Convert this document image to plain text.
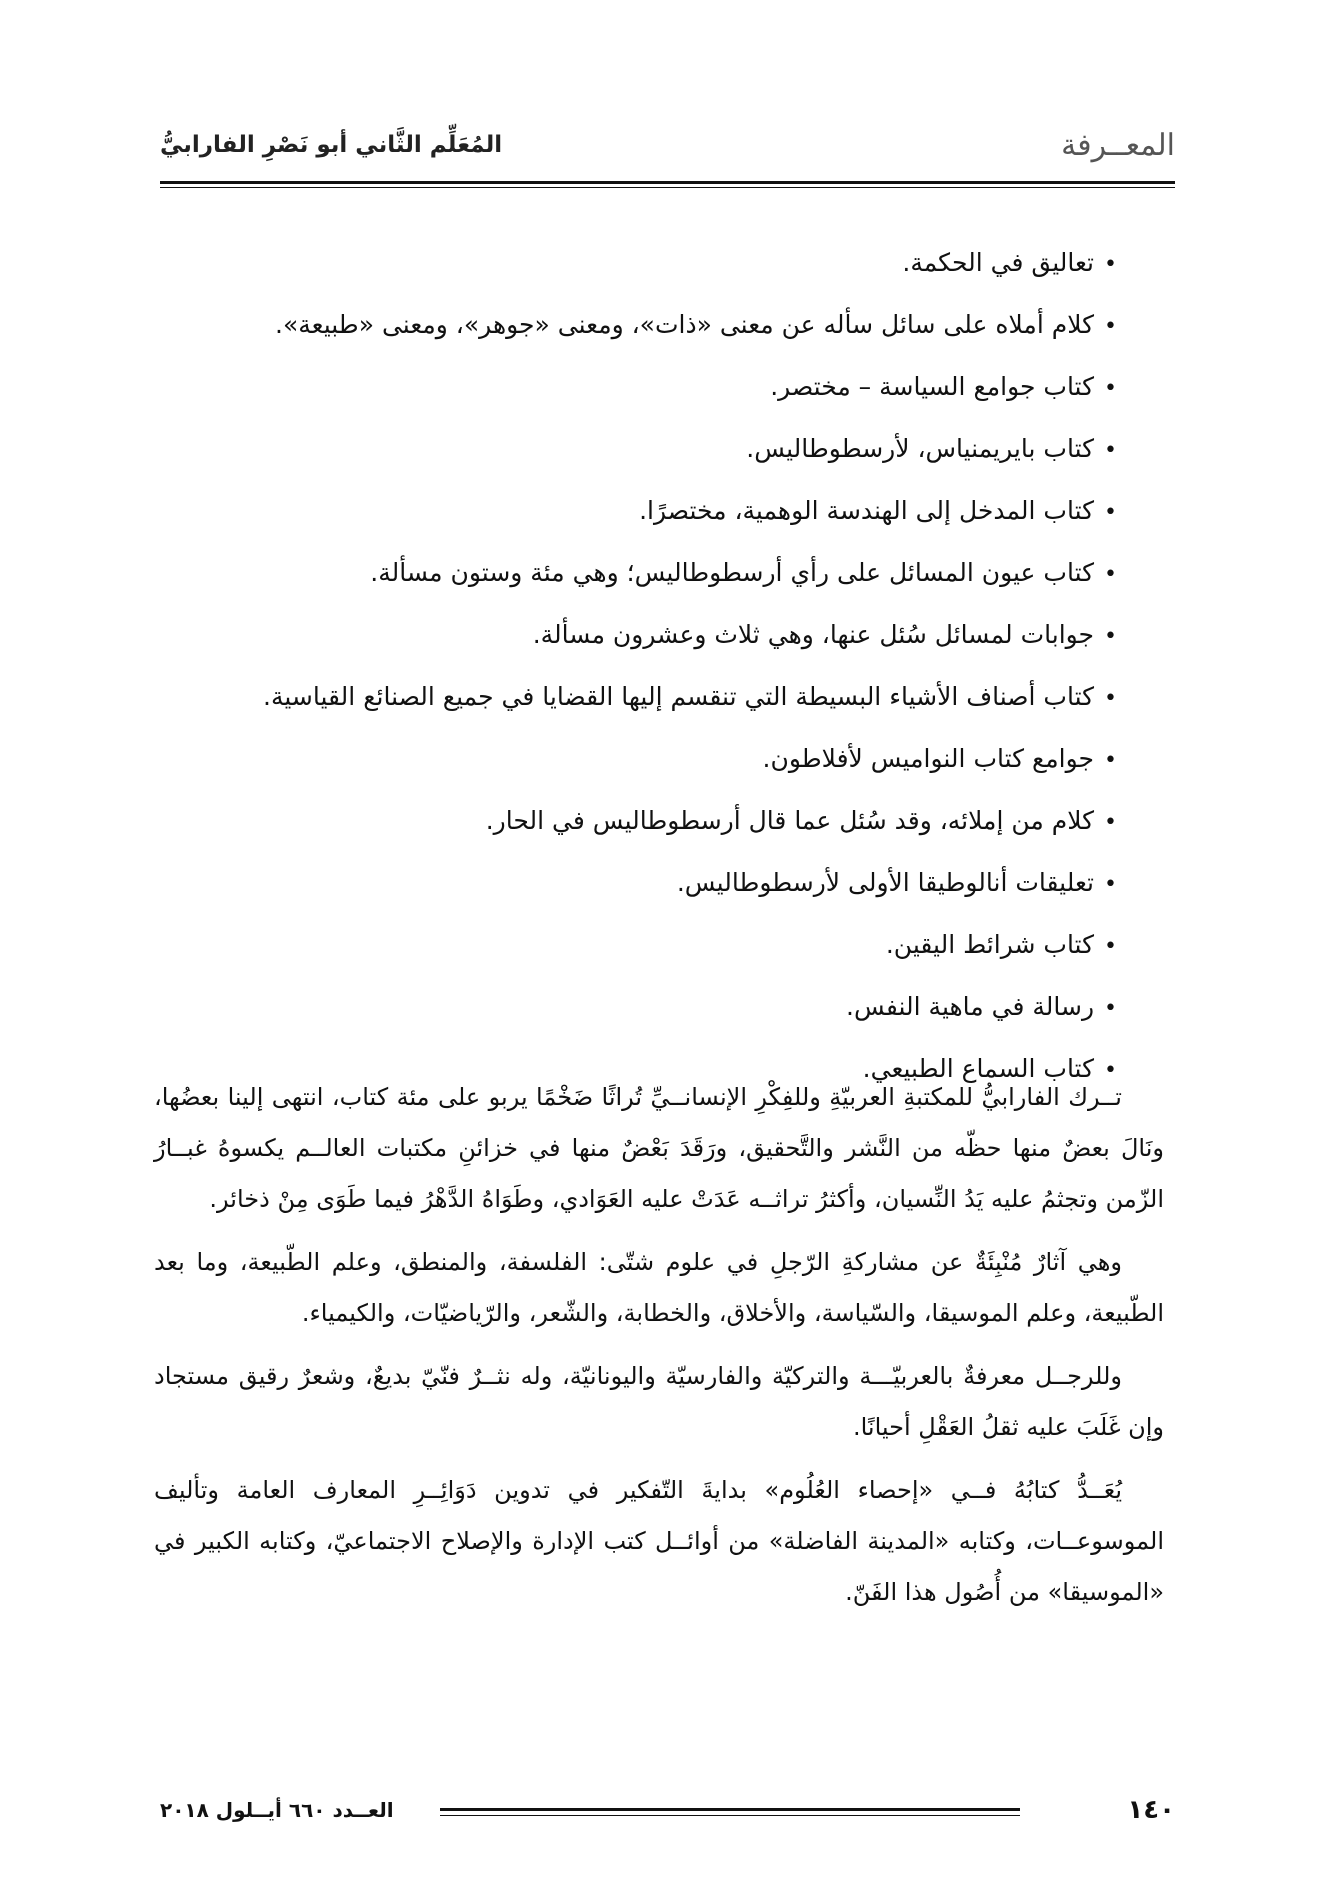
المعــرفة
المُعَلِّم الثَّاني أبو نَصْرِ الفارابيُّ
•تعاليق في الحكمة.
•كلام أملاه على سائل سأله عن معنى «ذات»، ومعنى «جوهر»، ومعنى «طبيعة».
•كتاب جوامع السياسة – مختصر.
•كتاب بايريمنياس، لأرسطوطاليس.
•كتاب المدخل إلى الهندسة الوهمية، مختصرًا.
•كتاب عيون المسائل على رأي أرسطوطاليس؛ وهي مئة وستون مسألة.
•جوابات لمسائل سُئل عنها، وهي ثلاث وعشرون مسألة.
•كتاب أصناف الأشياء البسيطة التي تنقسم إليها القضايا في جميع الصنائع القياسية.
•جوامع كتاب النواميس لأفلاطون.
•كلام من إملائه، وقد سُئل عما قال أرسطوطاليس في الحار.
•تعليقات أنالوطيقا الأولى لأرسطوطاليس.
•كتاب شرائط اليقين.
•رسالة في ماهية النفس.
•كتاب السماع الطبيعي.

تــرك الفارابيُّ للمكتبةِ العربيّةِ وللفِكْرِ الإنسانــيِّ تُراثًا ضَخْمًا يربو على مئة كتاب، انتهى إلينا بعضُها، ونَالَ بعضٌ منها حظّه من النَّشر والتَّحقيق، ورَقَدَ بَعْضٌ منها في خزائنِ مكتبات العالــم يكسوهُ غبــارُ الزّمن وتجثمُ عليه يَدُ النِّسيان، وأكثرُ تراثــه عَدَتْ عليه العَوَادي، وطَوَاهُ الدَّهْرُ فيما طَوَى مِنْ ذخائر.

وهي آثارٌ مُنْبِئَةٌ عن مشاركةِ الرّجلِ في علوم شتّى: الفلسفة، والمنطق، وعلم الطّبيعة، وما بعد الطّبيعة، وعلم الموسيقا، والسّياسة، والأخلاق، والخطابة، والشّعر، والرّياضيّات، والكيمياء.

وللرجــل معرفةٌ بالعربيّـــة والتركيّة والفارسيّة واليونانيّة، وله نثــرٌ فنّيّ بديعٌ، وشعرٌ رقيق مستجاد وإن غَلَبَ عليه ثقلُ العَقْلِ أحيانًا.

يُعَــدُّ كتابُهُ فــي «إحصاء العُلُوم» بدايةَ التّفكير في تدوين دَوَائِــرِ المعارف العامة وتأليف الموسوعــات، وكتابه «المدينة الفاضلة» من أوائــل كتب الإدارة والإصلاح الاجتماعيّ، وكتابه الكبير في «الموسيقا» من أُصُول هذا الفَنّ.

١٤٠
العــدد ٦٦٠ أيــلول ٢٠١٨
